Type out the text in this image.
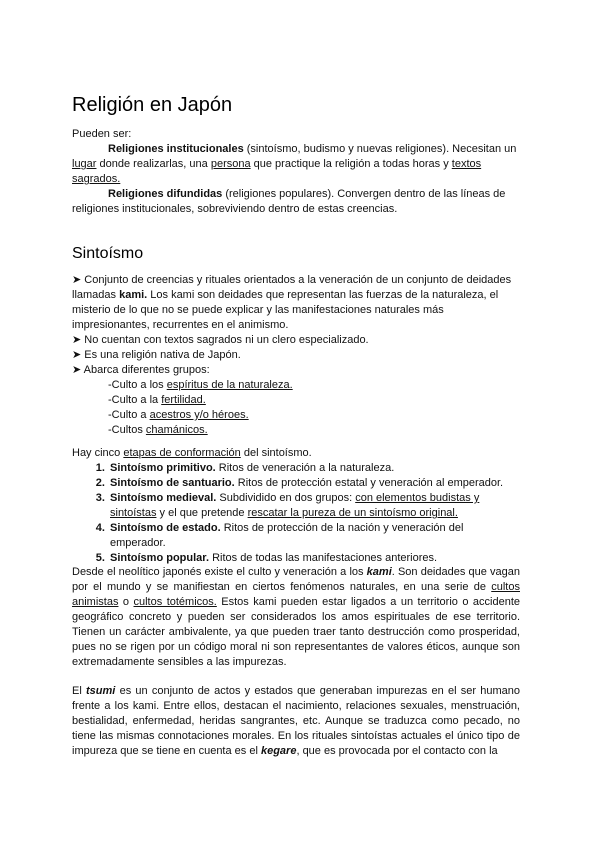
Religión en Japón

Pueden ser:

Religiones institucionales (sintoísmo, budismo y nuevas religiones). Necesitan un lugar donde realizarlas, una persona que practique la religión a todas horas y textos sagrados.

Religiones difundidas (religiones populares). Convergen dentro de las líneas de religiones institucionales, sobreviviendo dentro de estas creencias.

Sintoísmo

➤ Conjunto de creencias y rituales orientados a la veneración de un conjunto de deidades llamadas kami. Los kami son deidades que representan las fuerzas de la naturaleza, el misterio de lo que no se puede explicar y las manifestaciones naturales más impresionantes, recurrentes en el animismo.

➤ No cuentan con textos sagrados ni un clero especializado.

➤ Es una religión nativa de Japón.

➤ Abarca diferentes grupos:

-Culto a los espíritus de la naturaleza.

-Culto a la fertilidad.

-Culto a acestros y/o héroes.

-Cultos chamánicos.

Hay cinco etapas de conformación del sintoísmo.

1. Sintoísmo primitivo. Ritos de veneración a la naturaleza.
2. Sintoísmo de santuario. Ritos de protección estatal y veneración al emperador.
3. Sintoísmo medieval. Subdividido en dos grupos: con elementos budistas y sintoístas y el que pretende rescatar la pureza de un sintoísmo original.
4. Sintoísmo de estado. Ritos de protección de la nación y veneración del emperador.
5. Sintoísmo popular. Ritos de todas las manifestaciones anteriores.

Desde el neolítico japonés existe el culto y veneración a los kami. Son deidades que vagan por el mundo y se manifiestan en ciertos fenómenos naturales, en una serie de cultos animistas o cultos totémicos. Estos kami pueden estar ligados a un territorio o accidente geográfico concreto y pueden ser considerados los amos espirituales de ese territorio. Tienen un carácter ambivalente, ya que pueden traer tanto destrucción como prosperidad, pues no se rigen por un código moral ni son representantes de valores éticos, aunque son extremadamente sensibles a las impurezas.

El tsumi es un conjunto de actos y estados que generaban impurezas en el ser humano frente a los kami. Entre ellos, destacan el nacimiento, relaciones sexuales, menstruación, bestialidad, enfermedad, heridas sangrantes, etc. Aunque se traduzca como pecado, no tiene las mismas connotaciones morales. En los rituales sintoístas actuales el único tipo de impureza que se tiene en cuenta es el kegare, que es provocada por el contacto con la
